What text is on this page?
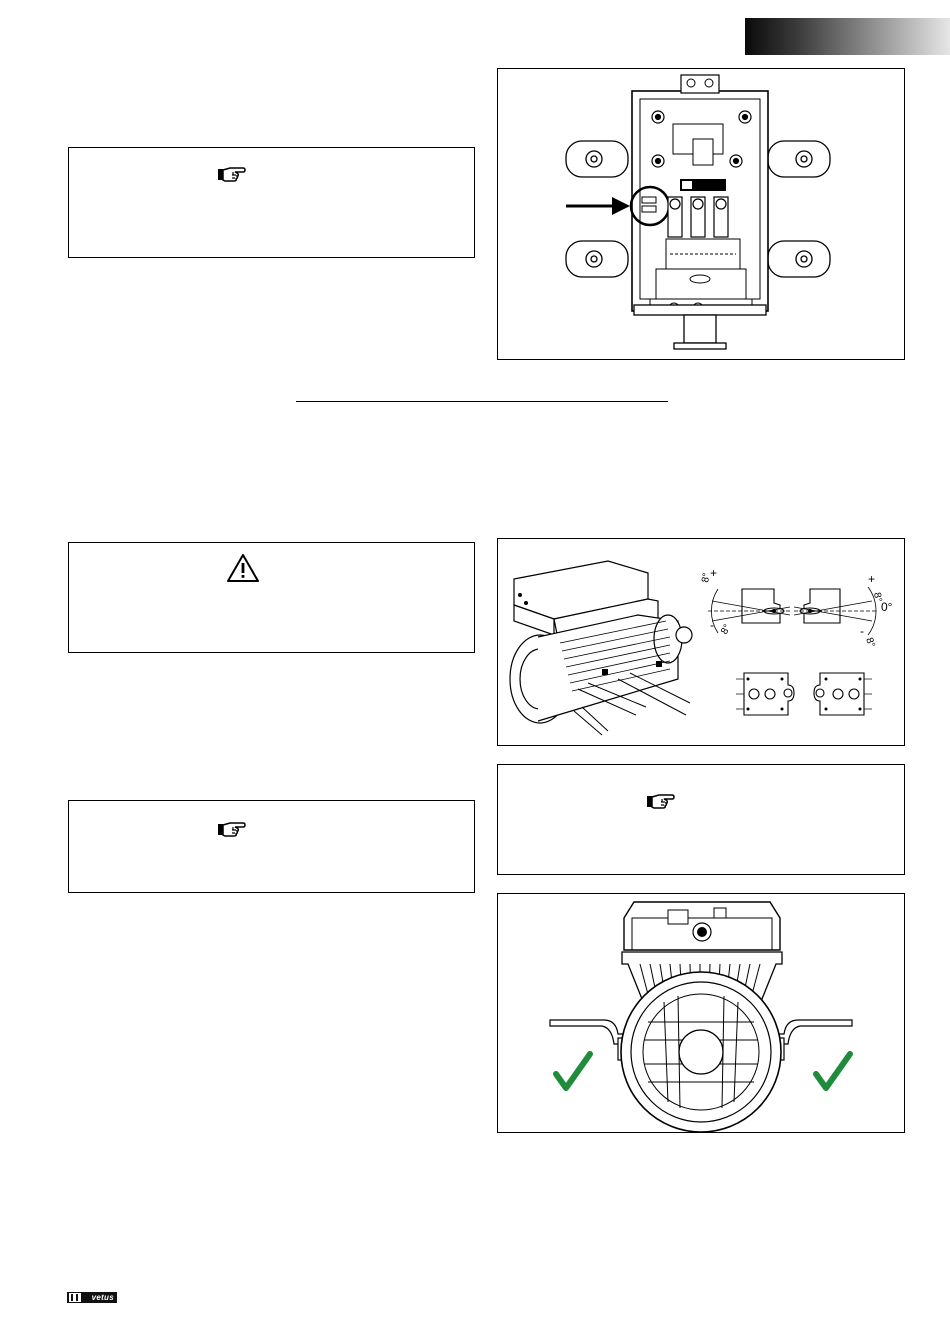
8°
8°
0°
8°
8°
+
-
+
-
vetus
